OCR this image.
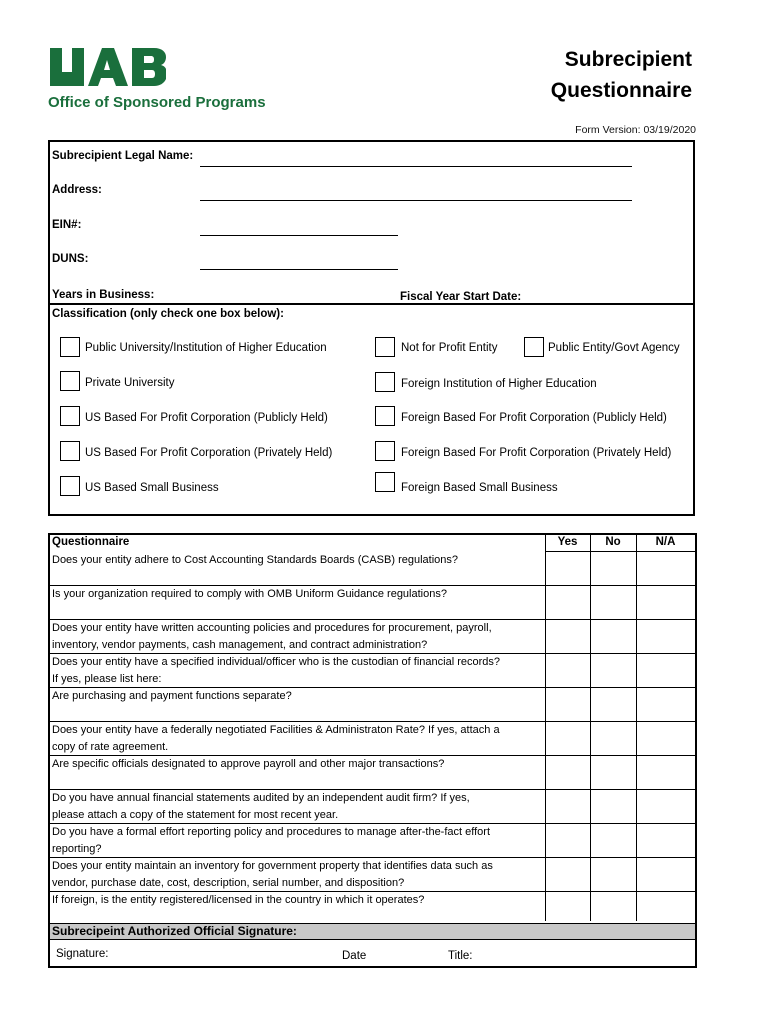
Office of Sponsored Programs
Subrecipient
Questionnaire
Form Version: 03/19/2020
Subrecipient Legal Name:
Address:
EIN#:
DUNS:
Years in Business:	Fiscal Year Start Date:
Classification (only check one box below):
Public University/Institution of Higher Education	Not for Profit Entity	Public Entity/Govt Agency
Private University	Foreign Institution of Higher Education
US Based For Profit Corporation (Publicly Held)	Foreign Based For Profit Corporation (Publicly Held)
US Based For Profit Corporation (Privately Held)	Foreign Based For Profit Corporation (Privately Held)
US Based Small Business	Foreign Based Small Business
Questionnaire	Yes	No	N/A
Does your entity adhere to Cost Accounting Standards Boards (CASB) regulations?
Is your organization required to comply with OMB Uniform Guidance regulations?
Does your entity have written accounting policies and procedures for procurement, payroll,
inventory, vendor payments, cash management, and contract administration?
Does your entity have a specified individual/officer who is the custodian of financial records?
If yes, please list here:
Are purchasing and payment functions separate?
Does your entity have a federally negotiated Facilities & Administraton Rate? If yes, attach a
copy of rate agreement.
Are specific officials designated to approve payroll and other major transactions?
Do you have annual financial statements audited by an independent audit firm? If yes,
please attach a copy of the statement for most recent year.
Do you have a formal effort reporting policy and procedures to manage after-the-fact effort
reporting?
Does your entity maintain an inventory for government property that identifies data such as
vendor, purchase date, cost, description, serial number, and disposition?
If foreign, is the entity registered/licensed in the country in which it operates?
Subrecipeint Authorized Official Signature:
Signature:	Date	Title:
